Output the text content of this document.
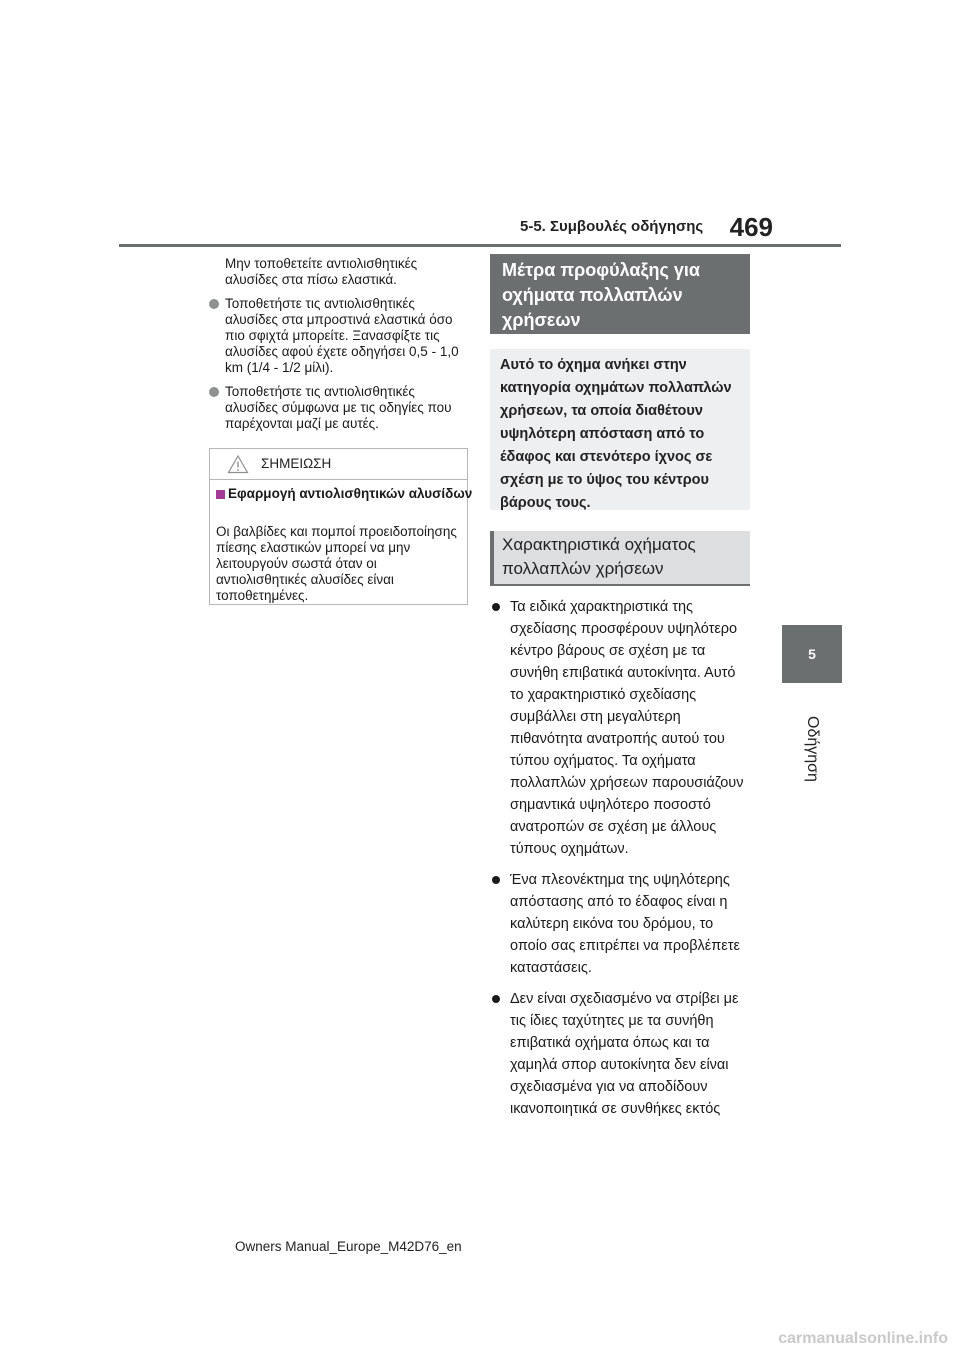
5-5. Συμβουλές οδήγησης 469
5
Οδήγηση

Μην τοποθετείτε αντιολισθητικές αλυσίδες στα πίσω ελαστικά.

Τοποθετήστε τις αντιολισθητικές αλυσίδες στα μπροστινά ελαστικά όσο πιο σφιχτά μπορείτε. Ξανασφίξτε τις αλυσίδες αφού έχετε οδηγήσει 0,5 - 1,0 km (1/4 - 1/2 μίλι).

Τοποθετήστε τις αντιολισθητικές αλυσίδες σύμφωνα με τις οδηγίες που παρέχονται μαζί με αυτές.

ΣΗΜΕΙΩΣΗ
Εφαρμογή αντιολισθητικών αλυσίδων
Οι βαλβίδες και πομποί προειδοποίησης πίεσης ελαστικών μπορεί να μην λειτουργούν σωστά όταν οι αντιολισθητικές αλυσίδες είναι τοποθετημένες.
Μέτρα προφύλαξης για οχήματα πολλαπλών χρήσεων
Αυτό το όχημα ανήκει στην κατηγορία οχημάτων πολλαπλών χρήσεων, τα οποία διαθέτουν υψηλότερη απόσταση από το έδαφος και στενότερο ίχνος σε σχέση με το ύψος του κέντρου βάρους τους.
Χαρακτηριστικά οχήματος πολλαπλών χρήσεων
Τα ειδικά χαρακτηριστικά της σχεδίασης προσφέρουν υψηλότερο κέντρο βάρους σε σχέση με τα συνήθη επιβατικά αυτοκίνητα. Αυτό το χαρακτηριστικό σχεδίασης συμβάλλει στη μεγαλύτερη πιθανότητα ανατροπής αυτού του τύπου οχήματος. Τα οχήματα πολλαπλών χρήσεων παρουσιάζουν σημαντικά υψηλότερο ποσοστό ανατροπών σε σχέση με άλλους τύπους οχημάτων.
Ένα πλεονέκτημα της υψηλότερης απόστασης από το έδαφος είναι η καλύτερη εικόνα του δρόμου, το οποίο σας επιτρέπει να προβλέπετε καταστάσεις.
Δεν είναι σχεδιασμένο να στρίβει με τις ίδιες ταχύτητες με τα συνήθη επιβατικά οχήματα όπως και τα χαμηλά σπορ αυτοκίνητα δεν είναι σχεδιασμένα για να αποδίδουν ικανοποιητικά σε συνθήκες εκτός
Owners Manual_Europe_M42D76_en
carmanualsonline.info
